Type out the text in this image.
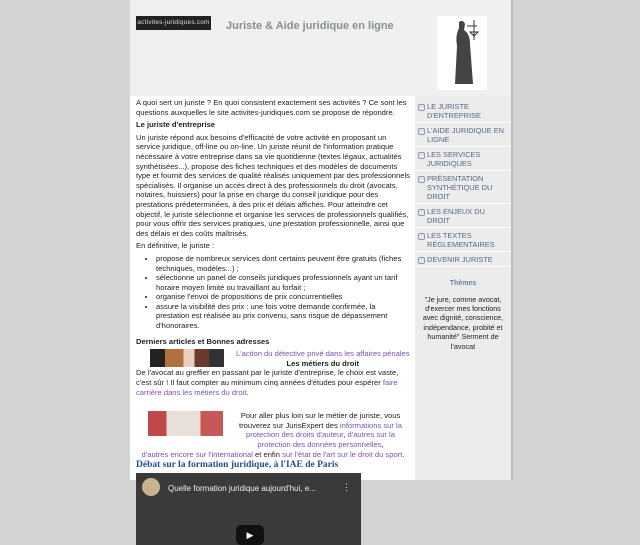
activites-juridiques.com Juriste & Aide juridique en ligne

A quoi sert un juriste ? En quoi consistent exactement ses activités ? Ce sont les questions auxquelles le site activites-juridiques.com se propose de répondre.

Le juriste d'entreprise

Un juriste répond aux besoins d'efficacité de votre activité en proposant un service juridique, off-line ou on-line. Un juriste réunit de l'information pratique nécessaire à votre entreprise dans sa vie quotidienne (textes légaux, actualités synthétisées...), propose des fiches techniques et des modèles de documents type et fournit des services de qualité réalisés uniquement par des professionnels spécialisés. Il organise un accès direct à des professionnels du droit (avocats, notaires, huissiers) pour la prise en charge du conseil juridique pour des prestations prédeterminées, à des prix et délais affichés. Pour atteindre cet objectif, le juriste sélectionne et organise les services de professionnels qualifiés, pour vous offrir des services pratiques, une prestation professionnelle, ainsi que des délais et des coûts maîtrisés.

En définitive, le juriste :

• propose de nombreux services dont certains peuvent être gratuits (fiches techniques, modèles...) ;
• sélectionne un panel de conseils juridiques professionnels ayant un tarif horaire moyen limité ou travaillant au forfait ;
• organise l'envoi de propositions de prix concurrentielles
• assure la visibilité des prix : une fois votre demande confirmée, la prestation est réalisée au prix convenu, sans risque de dépassement d'honoraires.
Derniers articles et Bonnes adresses
L'action du détective privé dans les affaires pénales
Les métiers du droit

De l'avocat au greffier en passant par le juriste d'entreprise, le choix est vaste, c'est sûr ! Il faut compter au minimum cinq années d'études pour espérer faire carrière dans les métiers du droit.

Pour aller plus loin sur le métier de juriste, vous trouverez sur JurisExpert des informations sur la protection des droits d'auteur, d'autres sur la protection des données personnelles,
d'autres encore sur l'international et enfin sur l'état de l'art sur le droit du sport.
Débat sur la formation juridique, à l'IAE de Paris
Quelle formation juridique aujourd'hui, e...	⋮
▶
- LE JURISTE D'ENTREPRISE
- L'AIDE JURIDIQUE EN LIGNE
- LES SERVICES JURIDIQUES
- PRÉSENTATION SYNTHÉTIQUE DU DROIT
- LES ENJEUX DU DROIT
- LES TEXTES RÉGLEMENTAIRES
- DEVENIR JURISTE
Thèmes
"Je jure, comme avocat, d'exercer mes fonctions avec dignité, conscience, indépendance, probité et humanité" Serment de l'avocat
